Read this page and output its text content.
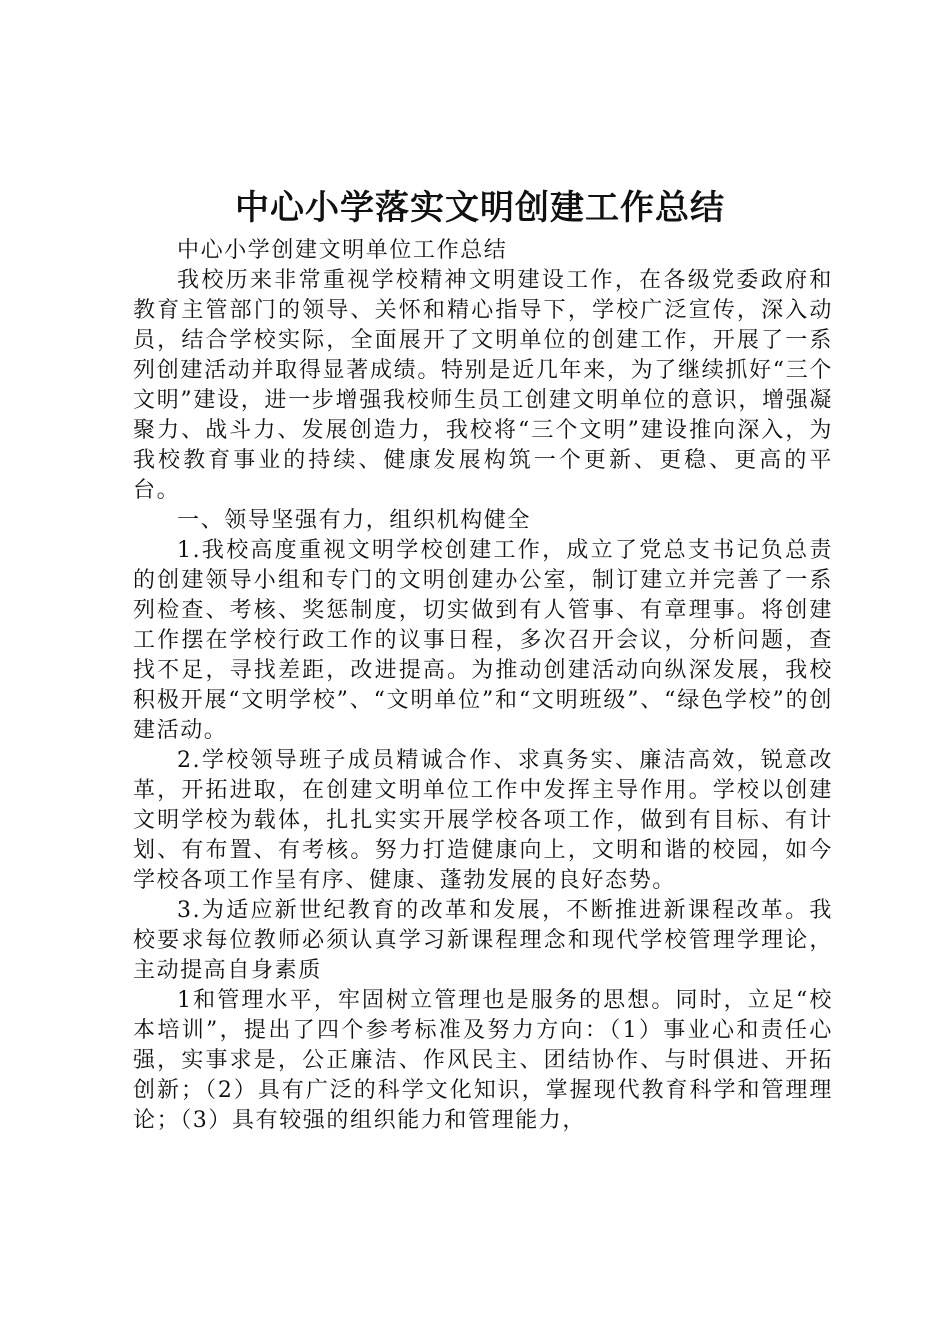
中心小学落实文明创建工作总结

中心小学创建文明单位工作总结

我校历来非常重视学校精神文明建设工作，在各级党委政府和教育主管部门的领导、关怀和精心指导下，学校广泛宣传，深入动员，结合学校实际，全面展开了文明单位的创建工作，开展了一系列创建活动并取得显著成绩。特别是近几年来，为了继续抓好“三个文明”建设，进一步增强我校师生员工创建文明单位的意识，增强凝聚力、战斗力、发展创造力，我校将“三个文明”建设推向深入，为我校教育事业的持续、健康发展构筑一个更新、更稳、更高的平台。

一、领导坚强有力，组织机构健全

1.我校高度重视文明学校创建工作，成立了党总支书记负总责的创建领导小组和专门的文明创建办公室，制订建立并完善了一系列检查、考核、奖惩制度，切实做到有人管事、有章理事。将创建工作摆在学校行政工作的议事日程，多次召开会议，分析问题，查找不足，寻找差距，改进提高。为推动创建活动向纵深发展，我校积极开展“文明学校”、“文明单位”和“文明班级”、“绿色学校”的创建活动。

2.学校领导班子成员精诚合作、求真务实、廉洁高效，锐意改革，开拓进取，在创建文明单位工作中发挥主导作用。学校以创建文明学校为载体，扎扎实实开展学校各项工作，做到有目标、有计划、有布置、有考核。努力打造健康向上，文明和谐的校园，如今学校各项工作呈有序、健康、蓬勃发展的良好态势。

3.为适应新世纪教育的改革和发展，不断推进新课程改革。我校要求每位教师必须认真学习新课程理念和现代学校管理学理论，主动提高自身素质

1和管理水平，牢固树立管理也是服务的思想。同时，立足“校本培训”，提出了四个参考标准及努力方向：（1）事业心和责任心强，实事求是，公正廉洁、作风民主、团结协作、与时俱进、开拓创新；（2）具有广泛的科学文化知识，掌握现代教育科学和管理理论；（3）具有较强的组织能力和管理能力，
